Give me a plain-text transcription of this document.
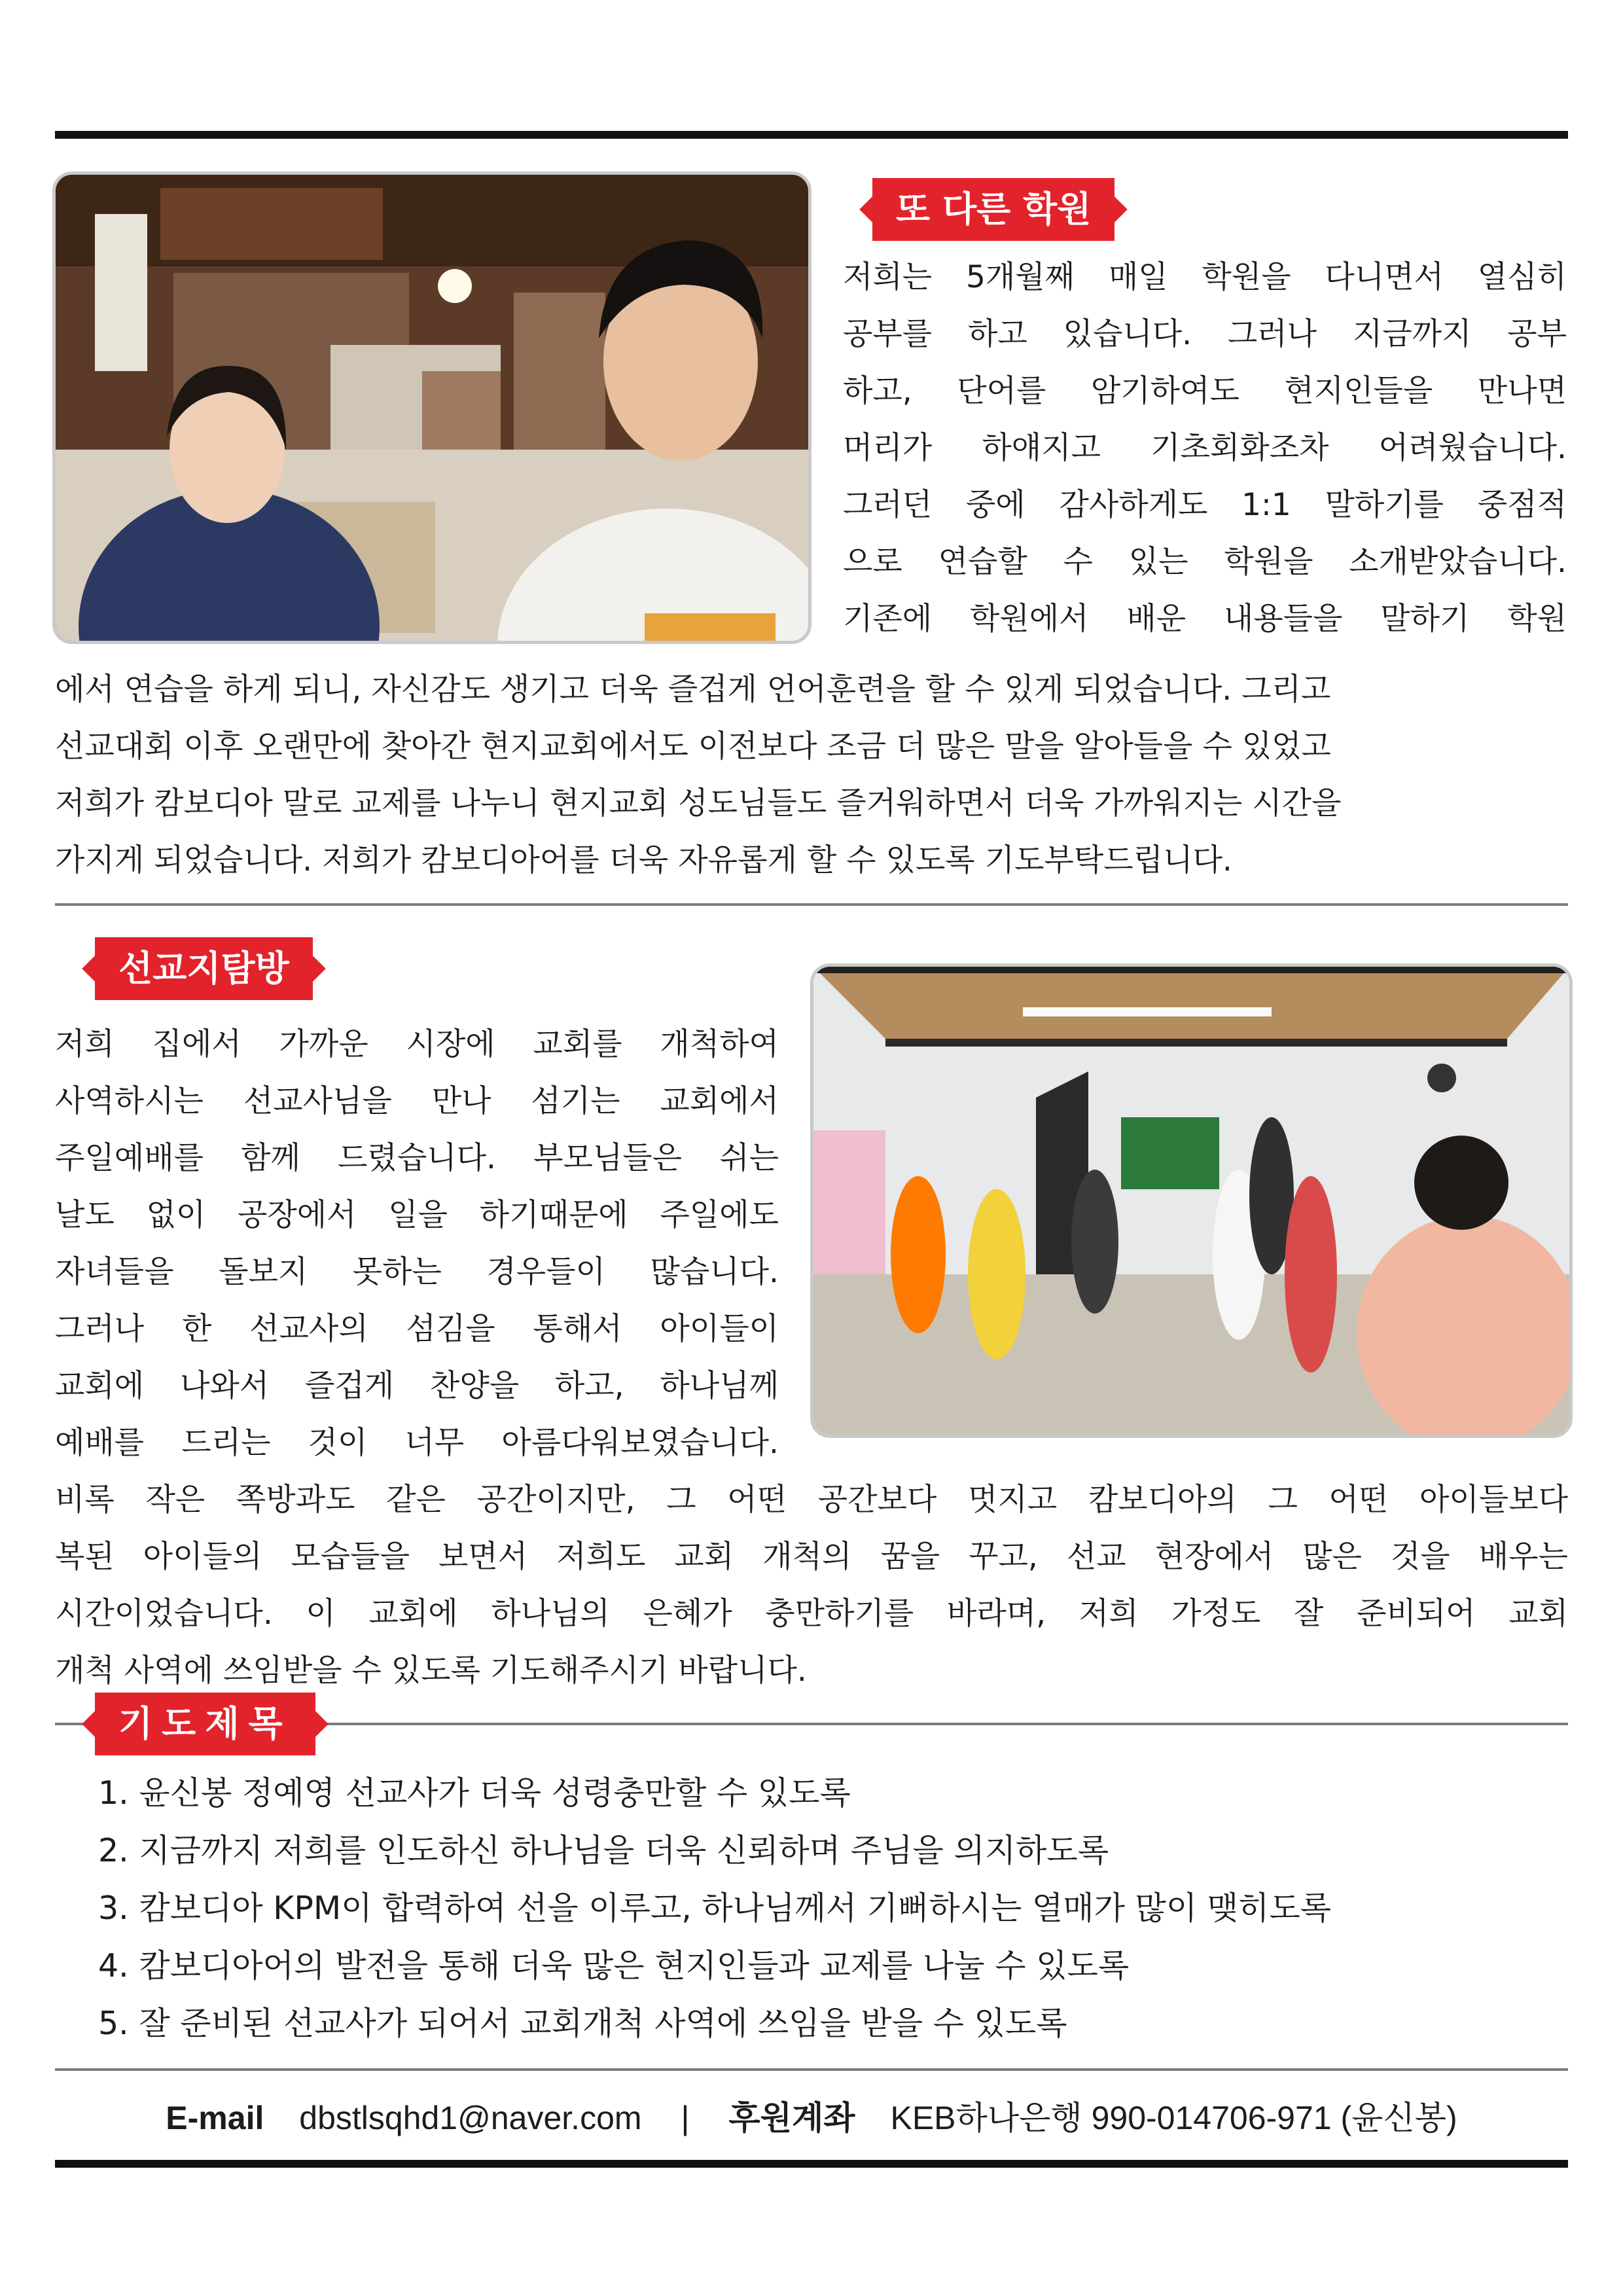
또 다른 학원
저희는 5개월째 매일 학원을 다니면서 열심히
공부를 하고 있습니다. 그러나 지금까지 공부
하고, 단어를 암기하여도 현지인들을 만나면
머리가 하얘지고 기초회화조차 어려웠습니다.
그러던 중에 감사하게도 1:1 말하기를 중점적
으로 연습할 수 있는 학원을 소개받았습니다.
기존에 학원에서 배운 내용들을 말하기 학원
에서 연습을 하게 되니, 자신감도 생기고 더욱 즐겁게 언어훈련을 할 수 있게 되었습니다. 그리고
선교대회 이후 오랜만에 찾아간 현지교회에서도 이전보다 조금 더 많은 말을 알아들을 수 있었고
저희가 캄보디아 말로 교제를 나누니 현지교회 성도님들도 즐거워하면서 더욱 가까워지는 시간을
가지게 되었습니다. 저희가 캄보디아어를 더욱 자유롭게 할 수 있도록 기도부탁드립니다.
선교지탐방
저희 집에서 가까운 시장에 교회를 개척하여
사역하시는 선교사님을 만나 섬기는 교회에서
주일예배를 함께 드렸습니다. 부모님들은 쉬는
날도 없이 공장에서 일을 하기때문에 주일에도
자녀들을 돌보지 못하는 경우들이 많습니다.
그러나 한 선교사의 섬김을 통해서 아이들이
교회에 나와서 즐겁게 찬양을 하고, 하나님께
예배를 드리는 것이 너무 아름다워보였습니다.
비록 작은 쪽방과도 같은 공간이지만, 그 어떤 공간보다 멋지고 캄보디아의 그 어떤 아이들보다
복된 아이들의 모습들을 보면서 저희도 교회 개척의 꿈을 꾸고, 선교 현장에서 많은 것을 배우는
시간이었습니다. 이 교회에 하나님의 은혜가 충만하기를 바라며, 저희 가정도 잘 준비되어 교회
개척 사역에 쓰임받을 수 있도록 기도해주시기 바랍니다.
기도제목
1. 윤신봉 정예영 선교사가 더욱 성령충만할 수 있도록
2. 지금까지 저희를 인도하신 하나님을 더욱 신뢰하며 주님을 의지하도록
3. 캄보디아 KPM이 합력하여 선을 이루고, 하나님께서 기뻐하시는 열매가 많이 맺히도록
4. 캄보디아어의 발전을 통해 더욱 많은 현지인들과 교제를 나눌 수 있도록
5. 잘 준비된 선교사가 되어서 교회개척 사역에 쓰임을 받을 수 있도록
E-mail dbstlsqhd1@naver.com | 후원계좌 KEB하나은행 990-014706-971 (윤신봉)
